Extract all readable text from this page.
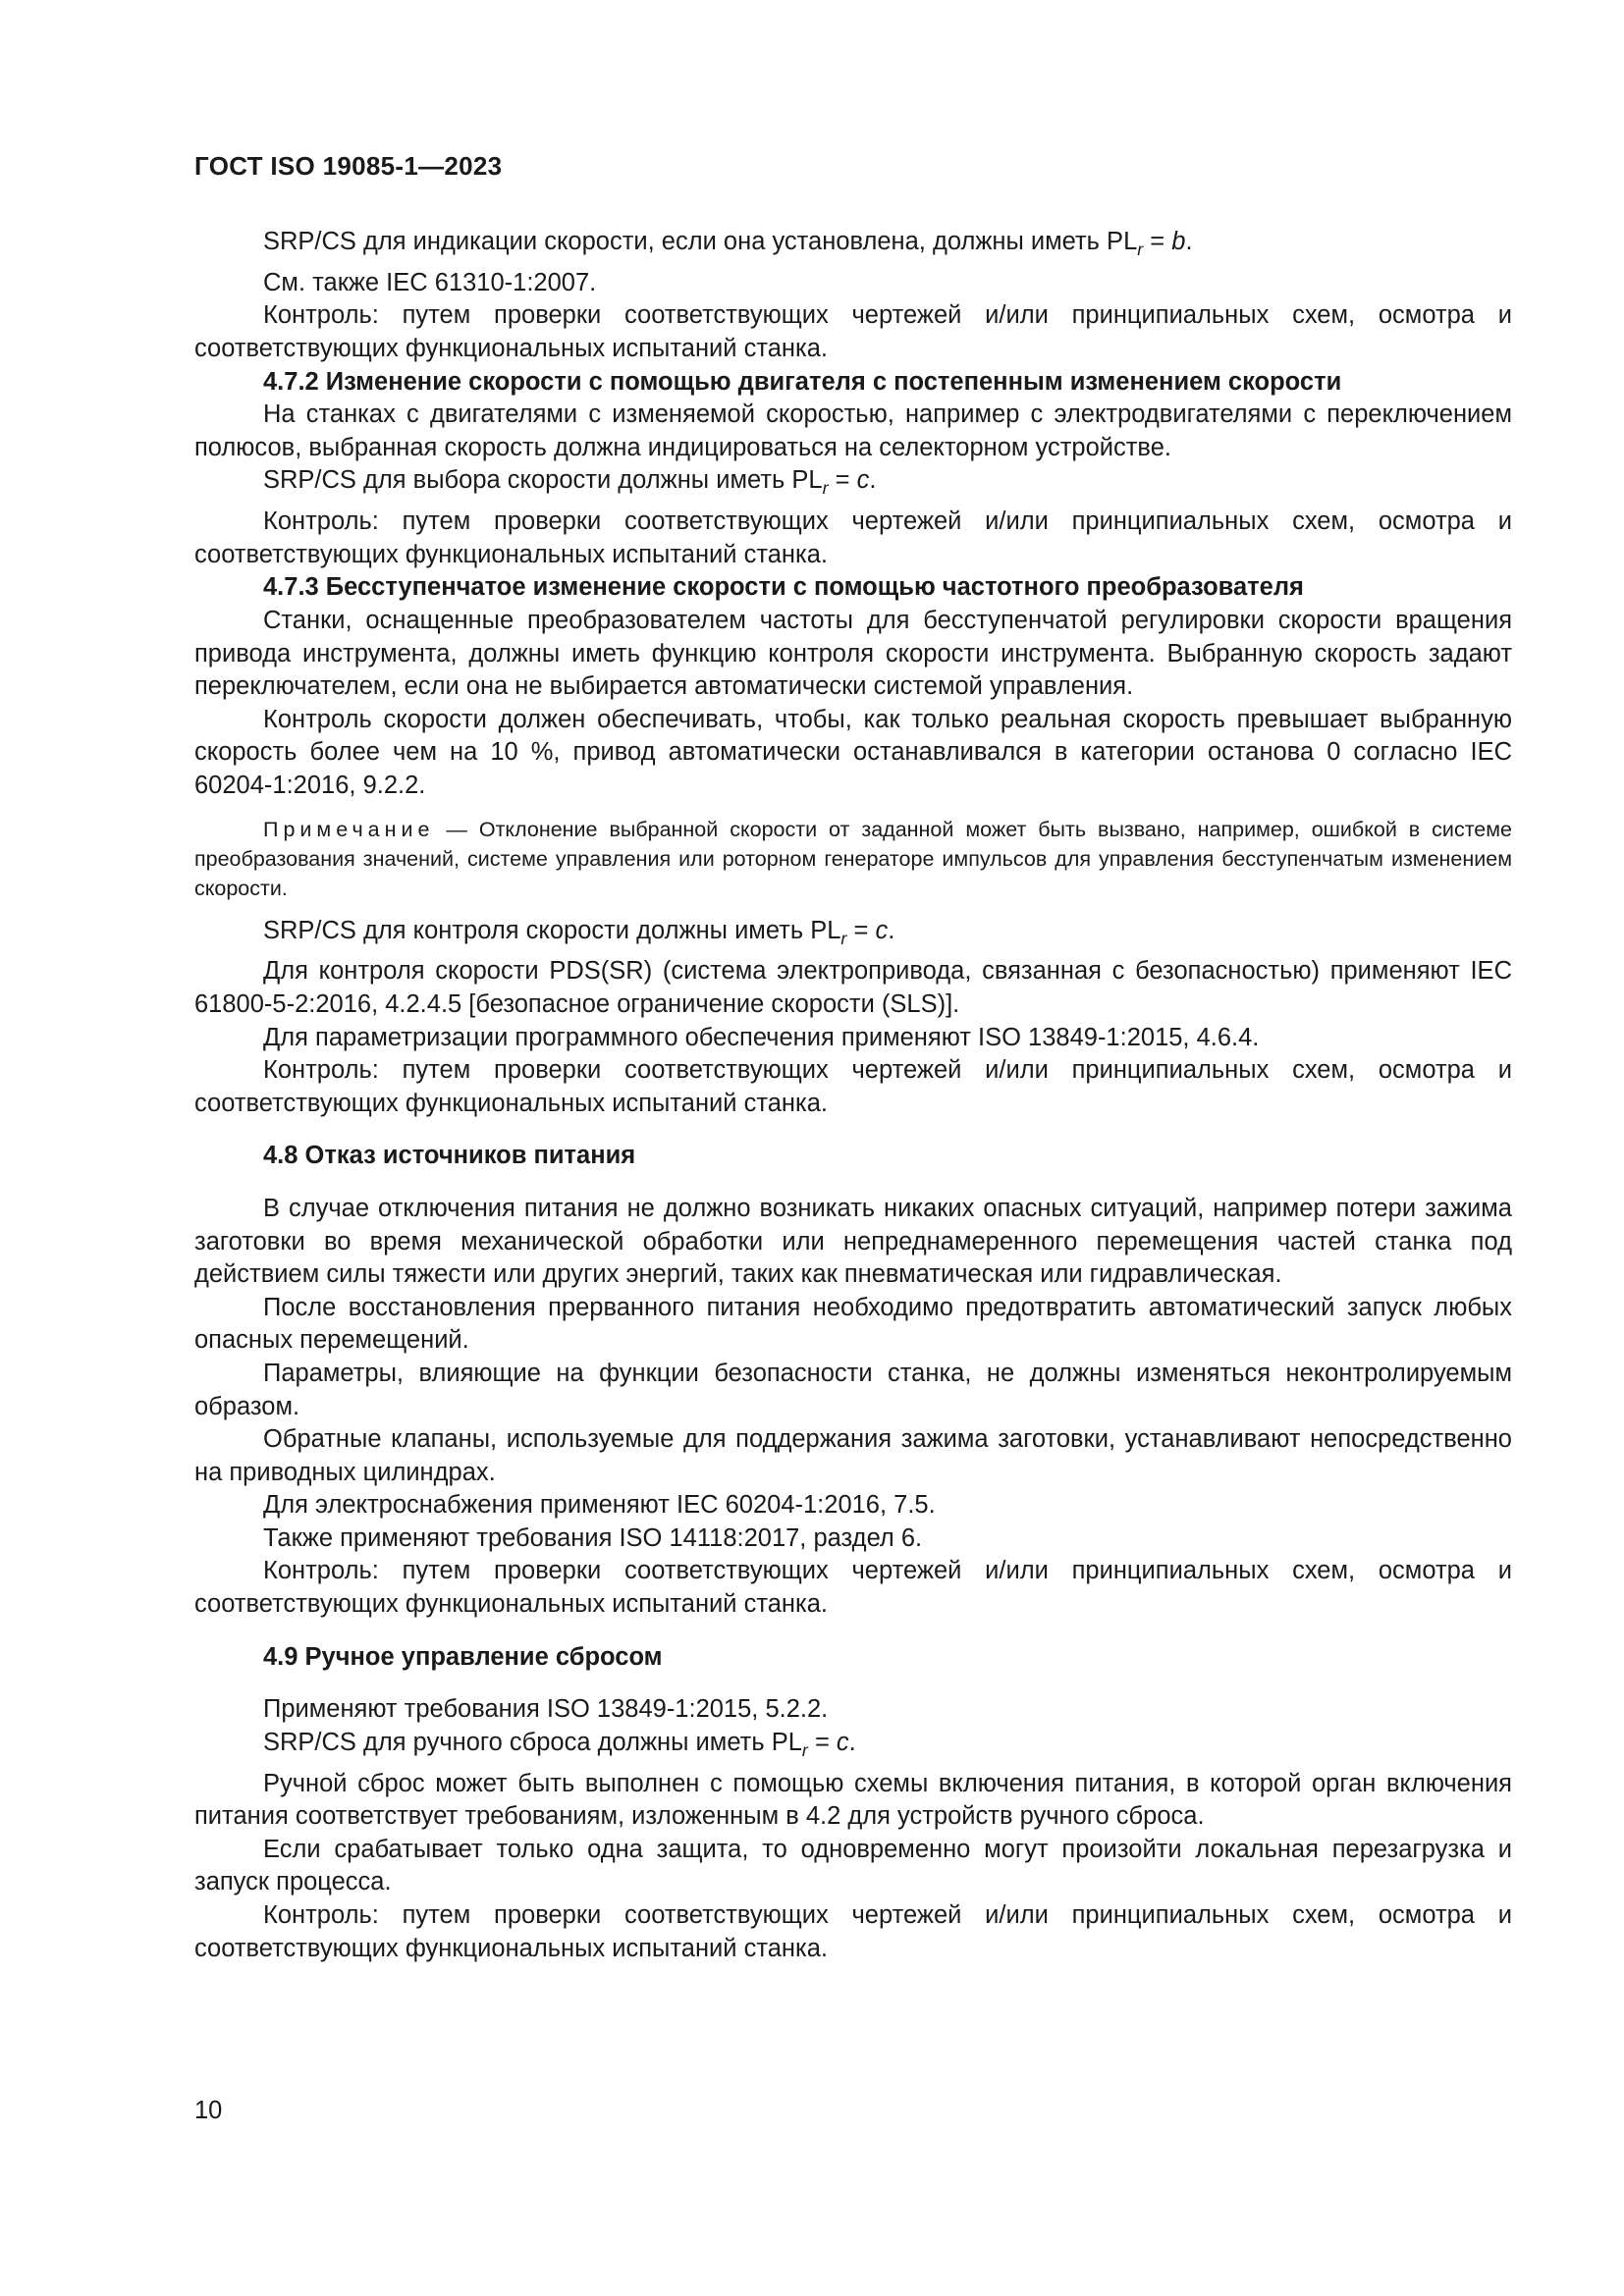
ГОСТ ISO 19085-1—2023

SRP/CS для индикации скорости, если она установлена, должны иметь $PL_r = b$.

См. также IEC 61310-1:2007.

Контроль: путем проверки соответствующих чертежей и/или принципиальных схем, осмотра и соответствующих функциональных испытаний станка.

4.7.2 Изменение скорости с помощью двигателя с постепенным изменением скорости

На станках с двигателями с изменяемой скоростью, например с электродвигателями с переключением полюсов, выбранная скорость должна индицироваться на селекторном устройстве.

SRP/CS для выбора скорости должны иметь $PL_r = c$.

Контроль: путем проверки соответствующих чертежей и/или принципиальных схем, осмотра и соответствующих функциональных испытаний станка.

4.7.3 Бесступенчатое изменение скорости с помощью частотного преобразователя

Станки, оснащенные преобразователем частоты для бесступенчатой регулировки скорости вращения привода инструмента, должны иметь функцию контроля скорости инструмента. Выбранную скорость задают переключателем, если она не выбирается автоматически системой управления.

Контроль скорости должен обеспечивать, чтобы, как только реальная скорость превышает выбранную скорость более чем на 10 %, привод автоматически останавливался в категории останова 0 согласно IEC 60204-1:2016, 9.2.2.

Примечание — Отклонение выбранной скорости от заданной может быть вызвано, например, ошибкой в системе преобразования значений, системе управления или роторном генераторе импульсов для управления бесступенчатым изменением скорости.

SRP/CS для контроля скорости должны иметь $PL_r = c$.

Для контроля скорости PDS(SR) (система электропривода, связанная с безопасностью) применяют IEC 61800-5-2:2016, 4.2.4.5 [безопасное ограничение скорости (SLS)].

Для параметризации программного обеспечения применяют ISO 13849-1:2015, 4.6.4.

Контроль: путем проверки соответствующих чертежей и/или принципиальных схем, осмотра и соответствующих функциональных испытаний станка.

4.8 Отказ источников питания

В случае отключения питания не должно возникать никаких опасных ситуаций, например потери зажима заготовки во время механической обработки или непреднамеренного перемещения частей станка под действием силы тяжести или других энергий, таких как пневматическая или гидравлическая.

После восстановления прерванного питания необходимо предотвратить автоматический запуск любых опасных перемещений.

Параметры, влияющие на функции безопасности станка, не должны изменяться неконтролируемым образом.

Обратные клапаны, используемые для поддержания зажима заготовки, устанавливают непосредственно на приводных цилиндрах.

Для электроснабжения применяют IEC 60204-1:2016, 7.5.

Также применяют требования ISO 14118:2017, раздел 6.

Контроль: путем проверки соответствующих чертежей и/или принципиальных схем, осмотра и соответствующих функциональных испытаний станка.

4.9 Ручное управление сбросом

Применяют требования ISO 13849-1:2015, 5.2.2.

SRP/CS для ручного сброса должны иметь $PL_r = c$.

Ручной сброс может быть выполнен с помощью схемы включения питания, в которой орган включения питания соответствует требованиям, изложенным в 4.2 для устройств ручного сброса.

Если срабатывает только одна защита, то одновременно могут произойти локальная перезагрузка и запуск процесса.

Контроль: путем проверки соответствующих чертежей и/или принципиальных схем, осмотра и соответствующих функциональных испытаний станка.

10
